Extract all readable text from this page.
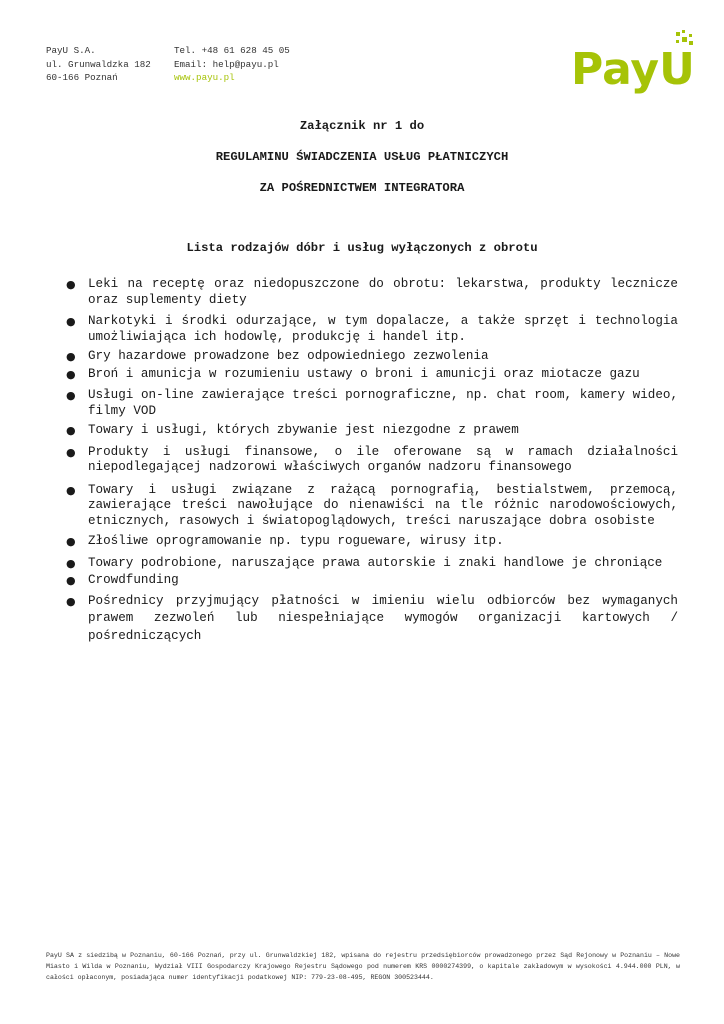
PayU S.A.
ul. Grunwaldzka 182
60-166 Poznań
Tel. +48 61 628 45 05
Email: help@payu.pl
www.payu.pl	PayU
Załącznik nr 1 do
REGULAMINU ŚWIADCZENIA USŁUG PŁATNICZYCH
ZA POŚREDNICTWEM INTEGRATORA
Lista rodzajów dóbr i usług wyłączonych z obrotu
● Leki na receptę oraz niedopuszczone do obrotu: lekarstwa, produkty lecznicze oraz suplementy diety
● Narkotyki i środki odurzające, w tym dopalacze, a także sprzęt i technologia umożliwiająca ich hodowlę, produkcję i handel itp.
● Gry hazardowe prowadzone bez odpowiedniego zezwolenia
● Broń i amunicja w rozumieniu ustawy o broni i amunicji oraz miotacze gazu
● Usługi on-line zawierające treści pornograficzne, np. chat room, kamery wideo, filmy VOD
● Towary i usługi, których zbywanie jest niezgodne z prawem
● Produkty i usługi finansowe, o ile oferowane są w ramach działalności niepodlegającej nadzorowi właściwych organów nadzoru finansowego
● Towary i usługi związane z rażącą pornografią, bestialstwem, przemocą, zawierające treści nawołujące do nienawiści na tle różnic narodowościowych, etnicznych, rasowych i światopoglądowych, treści naruszające dobra osobiste
● Złośliwe oprogramowanie np. typu rogueware, wirusy itp.
● Towary podrobione, naruszające prawa autorskie i znaki handlowe je chroniące
● Crowdfunding
● Pośrednicy przyjmujący płatności w imieniu wielu odbiorców bez wymaganych prawem zezwoleń lub niespełniające wymogów organizacji kartowych / pośredniczących
PayU SA z siedzibą w Poznaniu, 60-166 Poznań, przy ul. Grunwaldzkiej 182, wpisana do rejestru przedsiębiorców prowadzonego przez Sąd Rejonowy w Poznaniu – Nowe Miasto i Wilda w Poznaniu, Wydział VIII Gospodarczy Krajowego Rejestru Sądowego pod numerem KRS 0000274399, o kapitale zakładowym w wysokości 4.944.000 PLN, w całości opłaconym, posiadająca numer identyfikacji podatkowej NIP: 779-23-08-495, REGON 300523444.
